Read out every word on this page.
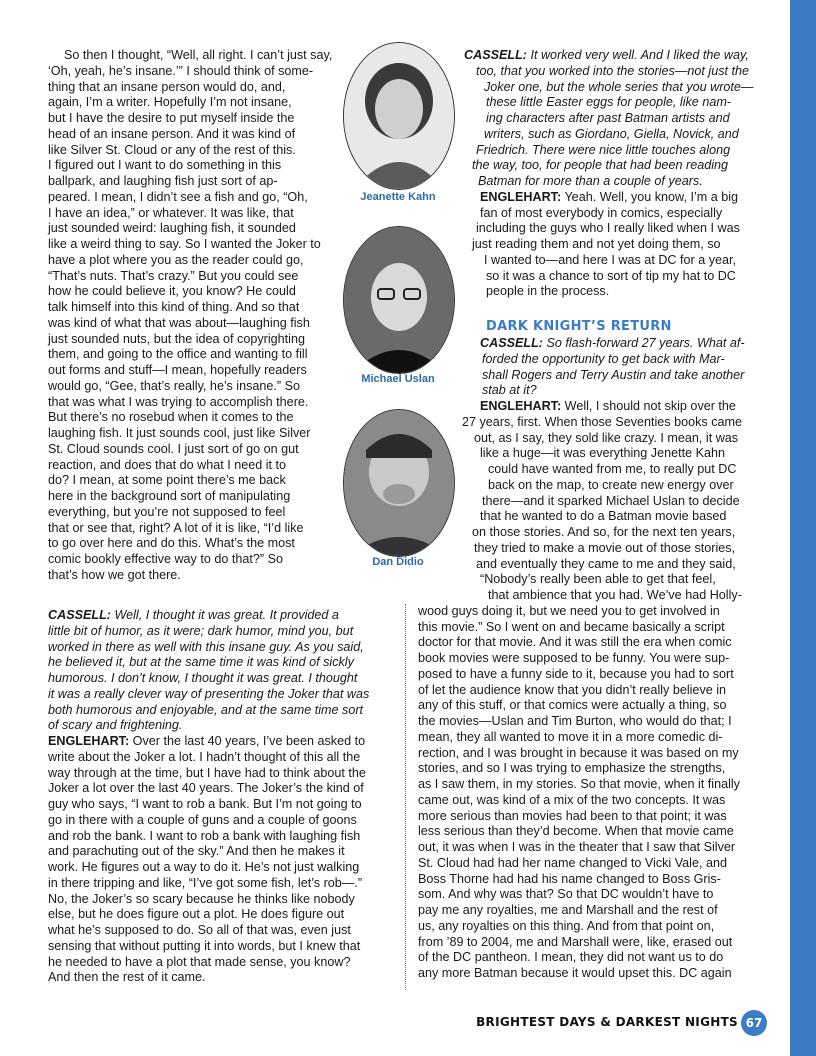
So then I thought, “Well, all right. I can’t just say,
‘Oh, yeah, he’s insane.’” I should think of some-
thing that an insane person would do, and,
again, I’m a writer. Hopefully I’m not insane,
but I have the desire to put myself inside the
head of an insane person. And it was kind of
like Silver St. Cloud or any of the rest of this.
I figured out I want to do something in this
ballpark, and laughing fish just sort of ap-
peared. I mean, I didn’t see a fish and go, “Oh,
I have an idea,” or whatever. It was like, that
just sounded weird: laughing fish, it sounded
like a weird thing to say. So I wanted the Joker to
have a plot where you as the reader could go,
“That’s nuts. That’s crazy.” But you could see
how he could believe it, you know? He could
talk himself into this kind of thing. And so that
was kind of what that was about—laughing fish
just sounded nuts, but the idea of copyrighting
them, and going to the office and wanting to fill
out forms and stuff—I mean, hopefully readers
would go, “Gee, that’s really, he’s insane.” So
that was what I was trying to accomplish there.
But there’s no rosebud when it comes to the
laughing fish. It just sounds cool, just like Silver
St. Cloud sounds cool. I just sort of go on gut
reaction, and does that do what I need it to
do? I mean, at some point there’s me back
here in the background sort of manipulating
everything, but you’re not supposed to feel
that or see that, right? A lot of it is like, “I’d like
to go over here and do this. What’s the most
comic bookly effective way to do that?” So
that’s how we got there.
Jeanette Kahn
Michael Uslan
Dan Didio
CASSELL: Well, I thought it was great. It provided a
little bit of humor, as it were; dark humor, mind you, but
worked in there as well with this insane guy. As you said,
he believed it, but at the same time it was kind of sickly
humorous. I don’t know, I thought it was great. I thought
it was a really clever way of presenting the Joker that was
both humorous and enjoyable, and at the same time sort
of scary and frightening.
ENGLEHART: Over the last 40 years, I’ve been asked to
write about the Joker a lot. I hadn’t thought of this all the
way through at the time, but I have had to think about the
Joker a lot over the last 40 years. The Joker’s the kind of
guy who says, “I want to rob a bank. But I’m not going to
go in there with a couple of guns and a couple of goons
and rob the bank. I want to rob a bank with laughing fish
and parachuting out of the sky.” And then he makes it
work. He figures out a way to do it. He’s not just walking
in there tripping and like, “I’ve got some fish, let’s rob—.”
No, the Joker’s so scary because he thinks like nobody
else, but he does figure out a plot. He does figure out
what he’s supposed to do. So all of that was, even just
sensing that without putting it into words, but I knew that
he needed to have a plot that made sense, you know?
And then the rest of it came.
CASSELL: It worked very well. And I liked the way,
too, that you worked into the stories—not just the
Joker one, but the whole series that you wrote—
these little Easter eggs for people, like nam-
ing characters after past Batman artists and
writers, such as Giordano, Giella, Novick, and
Friedrich. There were nice little touches along
the way, too, for people that had been reading
Batman for more than a couple of years.
ENGLEHART: Yeah. Well, you know, I’m a big
fan of most everybody in comics, especially
including the guys who I really liked when I was
just reading them and not yet doing them, so
I wanted to—and here I was at DC for a year,
so it was a chance to sort of tip my hat to DC
people in the process.
DARK KNIGHT’S RETURN
CASSELL: So flash-forward 27 years. What af-
forded the opportunity to get back with Mar-
shall Rogers and Terry Austin and take another
stab at it?
ENGLEHART: Well, I should not skip over the
27 years, first. When those Seventies books came
out, as I say, they sold like crazy. I mean, it was
like a huge—it was everything Jenette Kahn
could have wanted from me, to really put DC
back on the map, to create new energy over
there—and it sparked Michael Uslan to decide
that he wanted to do a Batman movie based
on those stories. And so, for the next ten years,
they tried to make a movie out of those stories,
and eventually they came to me and they said,
“Nobody’s really been able to get that feel,
that ambience that you had. We’ve had Holly-
wood guys doing it, but we need you to get involved in
this movie.” So I went on and became basically a script
doctor for that movie. And it was still the era when comic
book movies were supposed to be funny. You were sup-
posed to have a funny side to it, because you had to sort
of let the audience know that you didn’t really believe in
any of this stuff, or that comics were actually a thing, so
the movies—Uslan and Tim Burton, who would do that; I
mean, they all wanted to move it in a more comedic di-
rection, and I was brought in because it was based on my
stories, and so I was trying to emphasize the strengths,
as I saw them, in my stories. So that movie, when it finally
came out, was kind of a mix of the two concepts. It was
more serious than movies had been to that point; it was
less serious than they’d become. When that movie came
out, it was when I was in the theater that I saw that Silver
St. Cloud had had her name changed to Vicki Vale, and
Boss Thorne had had his name changed to Boss Gris-
som. And why was that? So that DC wouldn’t have to
pay me any royalties, me and Marshall and the rest of
us, any royalties on this thing. And from that point on,
from ’89 to 2004, me and Marshall were, like, erased out
of the DC pantheon. I mean, they did not want us to do
any more Batman because it would upset this. DC again
BRIGHTEST DAYS & DARKEST NIGHTS 67
